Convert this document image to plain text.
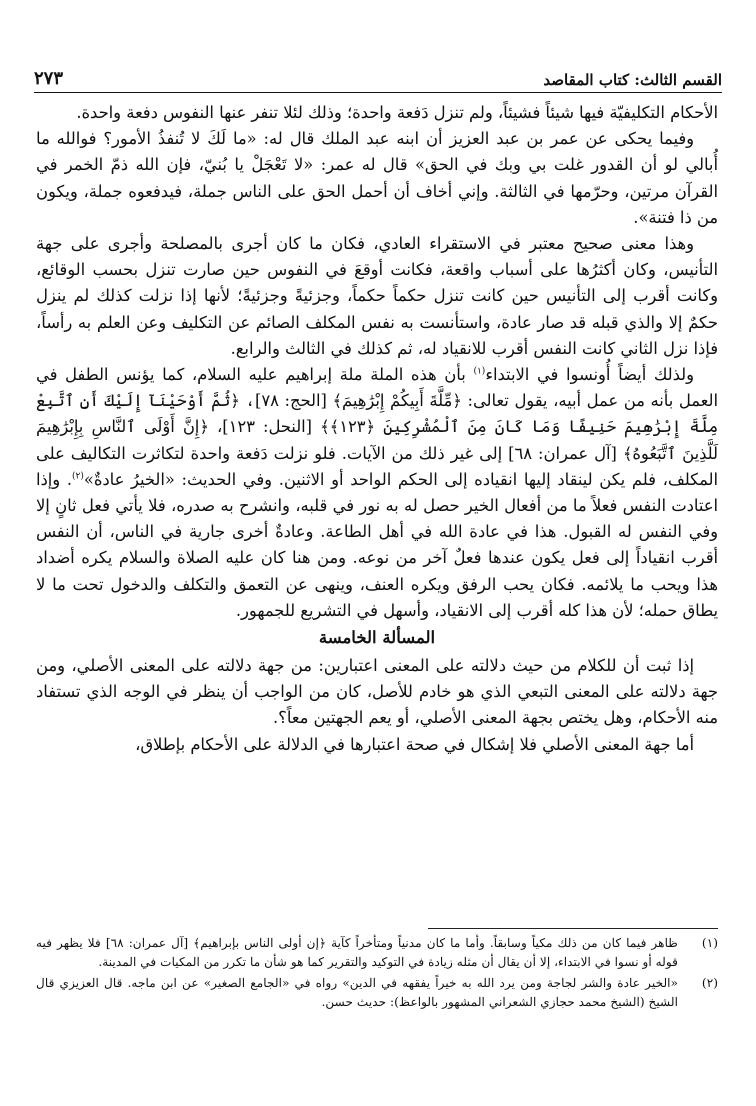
القسم الثالث: كتاب المقاصد
٢٧٣

الأحكام التكليفيّة فيها شيئاً فشيئاً، ولم تنزل دَفعة واحدة؛ وذلك لئلا تنفر عنها النفوس دفعة واحدة.

وفيما يحكى عن عمر بن عبد العزيز أن ابنه عبد الملك قال له: «ما لَكَ لا تُنفذُ الأمور؟ فوالله ما أُبالي لو أن القدور غلت بي وبك في الحق» قال له عمر: «لا تَعْجَلْ يا بُنيّ، فإن الله ذمّ الخمر في القرآن مرتين، وحرّمها في الثالثة. وإني أخاف أن أحمل الحق على الناس جملة، فيدفعوه جملة، ويكون من ذا فتنة».

وهذا معنى صحيح معتبر في الاستقراء العادي، فكان ما كان أجرى بالمصلحة وأجرى على جهة التأنيس، وكان أكثرُها على أسباب واقعة، فكانت أوقعَ في النفوس حين صارت تنزل بحسب الوقائع، وكانت أقرب إلى التأنيس حين كانت تنزل حكماً حكماً، وجزئيةً وجزئيةً؛ لأنها إذا نزلت كذلك لم ينزل حكمٌ إلا والذي قبله قد صار عادة، واستأنست به نفس المكلف الصائم عن التكليف وعن العلم به رأساً، فإذا نزل الثاني كانت النفس أقرب للانقياد له، ثم كذلك في الثالث والرابع.

ولذلك أيضاً أُونسوا في الابتداء$^{(١)}$ بأن هذه الملة ملة إبراهيم عليه السلام، كما يؤنس الطفل في العمل بأنه من عمل أبيه، يقول تعالى: ﴿مِّلَّةَ أَبِيكُمْ إِبْرَٰهِيمَ﴾ [الحج: ٧٨]، ﴿ثُمَّ أَوْحَيْنَآ إِلَيْكَ أَنِ ٱتَّبِعْ مِلَّةَ إِبْرَٰهِيمَ حَنِيفًا وَمَا كَانَ مِنَ ٱلْمُشْرِكِينَ ﴿١٢٣﴾﴾ [النحل: ١٢٣]، ﴿إِنَّ أَوْلَى ٱلنَّاسِ بِإِبْرَٰهِيمَ لَلَّذِينَ ٱتَّبَعُوهُ﴾ [آل عمران: ٦٨] إلى غير ذلك من الآيات. فلو نزلت دَفعة واحدة لتكاثرت التكاليف على المكلف، فلم يكن لينقاد إليها انقياده إلى الحكم الواحد أو الاثنين. وفي الحديث: «الخيرُ عادةٌ»$^{(٢)}$. وإذا اعتادت النفس فعلاً ما من أفعال الخير حصل له به نور في قلبه، وانشرح به صدره، فلا يأتي فعل ثانٍ إلا وفي النفس له القبول. هذا في عادة الله في أهل الطاعة. وعادةٌ أخرى جارية في الناس، أن النفس أقرب انقياداً إلى فعل يكون عندها فعلٌ آخر من نوعه. ومن هنا كان عليه الصلاة والسلام يكره أضداد هذا ويحب ما يلائمه. فكان يحب الرفق ويكره العنف، وينهى عن التعمق والتكلف والدخول تحت ما لا يطاق حمله؛ لأن هذا كله أقرب إلى الانقياد، وأسهل في التشريع للجمهور.

المسألة الخامسة

إذا ثبت أن للكلام من حيث دلالته على المعنى اعتبارين: من جهة دلالته على المعنى الأصلي، ومن جهة دلالته على المعنى التبعي الذي هو خادم للأصل، كان من الواجب أن ينظر في الوجه الذي تستفاد منه الأحكام، وهل يختص بجهة المعنى الأصلي، أو يعم الجهتين معاً؟.

أما جهة المعنى الأصلي فلا إشكال في صحة اعتبارها في الدلالة على الأحكام بإطلاق،

(١)
ظاهر فيما كان من ذلك مكياً وسابقاً. وأما ما كان مدنياً ومتأخراً كآية ﴿إن أولى الناس بإبراهيم﴾ [آل عمران: ٦٨] فلا يظهر فيه قوله أو نسوا في الابتداء، إلا أن يقال أن مثله زيادة في التوكيد والتقرير كما هو شأن ما تكرر من المكيات في المدينة.
(٢)
«الخير عادة والشر لجاجة ومن يرد الله به خيراً يفقهه في الدين» رواه في «الجامع الصغير» عن ابن ماجه. قال العزيزي قال الشيخ (الشيخ محمد حجازي الشعراني المشهور بالواعظ): حديث حسن.
